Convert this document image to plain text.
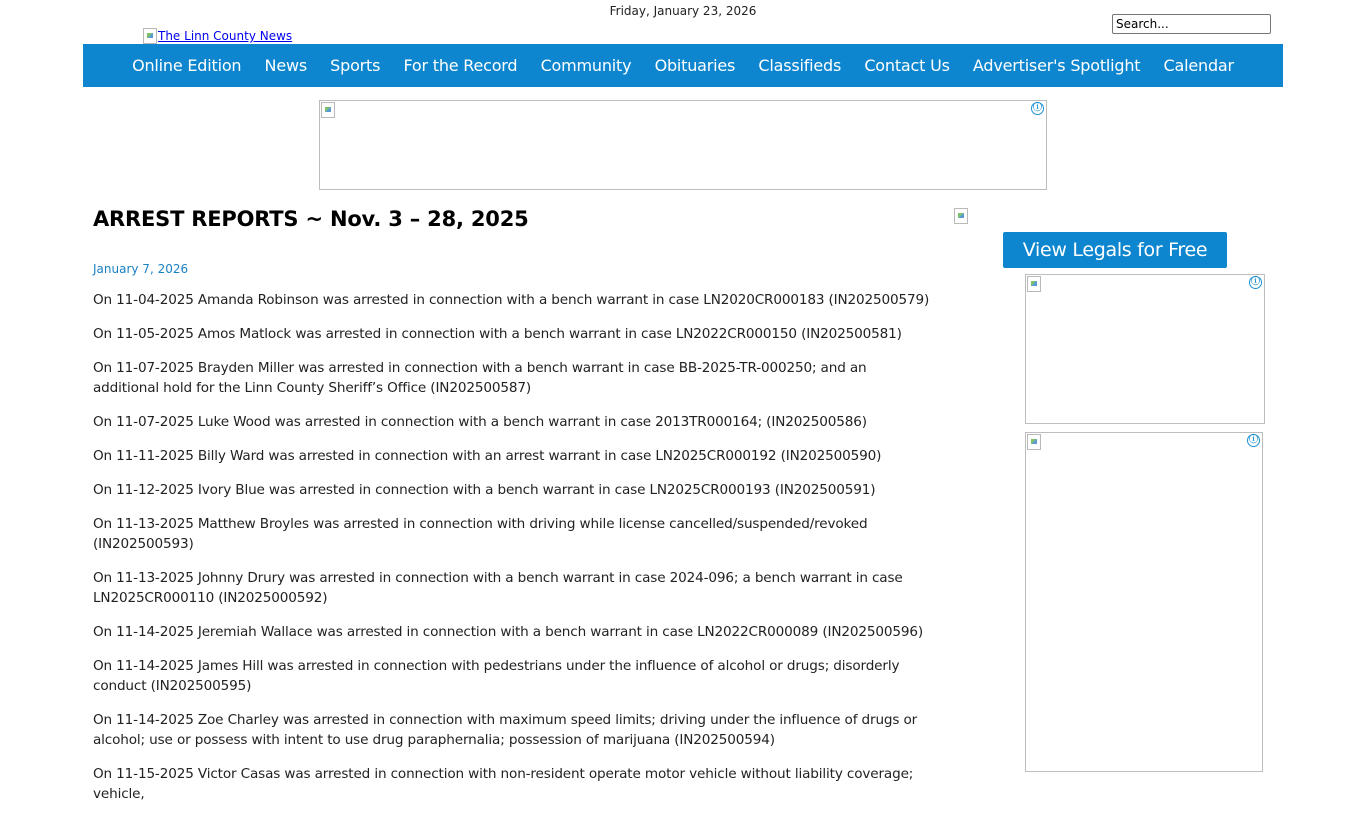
Friday, January 23, 2026
Search...
The Linn County News
Online Edition	News	Sports	For the Record	Community	Obituaries	Classifieds	Contact Us	Advertiser's Spotlight	Calendar
ⓘ
ARREST REPORTS ~ Nov. 3 – 28, 2025
January 7, 2026

On 11-04-2025 Amanda Robinson was arrested in connection with a bench warrant in case LN2020CR000183 (IN202500579)

On 11-05-2025 Amos Matlock was arrested in connection with a bench warrant in case LN2022CR000150 (IN202500581)

On 11-07-2025 Brayden Miller was arrested in connection with a bench warrant in case BB-2025-TR-000250; and an additional hold for the Linn County Sheriff’s Office (IN202500587)

On 11-07-2025 Luke Wood was arrested in connection with a bench warrant in case 2013TR000164; (IN202500586)

On 11-11-2025 Billy Ward was arrested in connection with an arrest warrant in case LN2025CR000192 (IN202500590)

On 11-12-2025 Ivory Blue was arrested in connection with a bench warrant in case LN2025CR000193 (IN202500591)

On 11-13-2025 Matthew Broyles was arrested in connection with driving while license cancelled/suspended/revoked (IN202500593)

On 11-13-2025 Johnny Drury was arrested in connection with a bench warrant in case 2024-096; a bench warrant in case LN2025CR000110 (IN2025000592)

On 11-14-2025 Jeremiah Wallace was arrested in connection with a bench warrant in case LN2022CR000089 (IN202500596)

On 11-14-2025 James Hill was arrested in connection with pedestrians under the influence of alcohol or drugs; disorderly conduct (IN202500595)

On 11-14-2025 Zoe Charley was arrested in connection with maximum speed limits; driving under the influence of drugs or alcohol; use or possess with intent to use drug paraphernalia; possession of marijuana (IN202500594)

On 11-15-2025 Victor Casas was arrested in connection with non-resident operate motor vehicle without liability coverage; vehicle,

View Legals for Free
ⓘ
ⓘ
